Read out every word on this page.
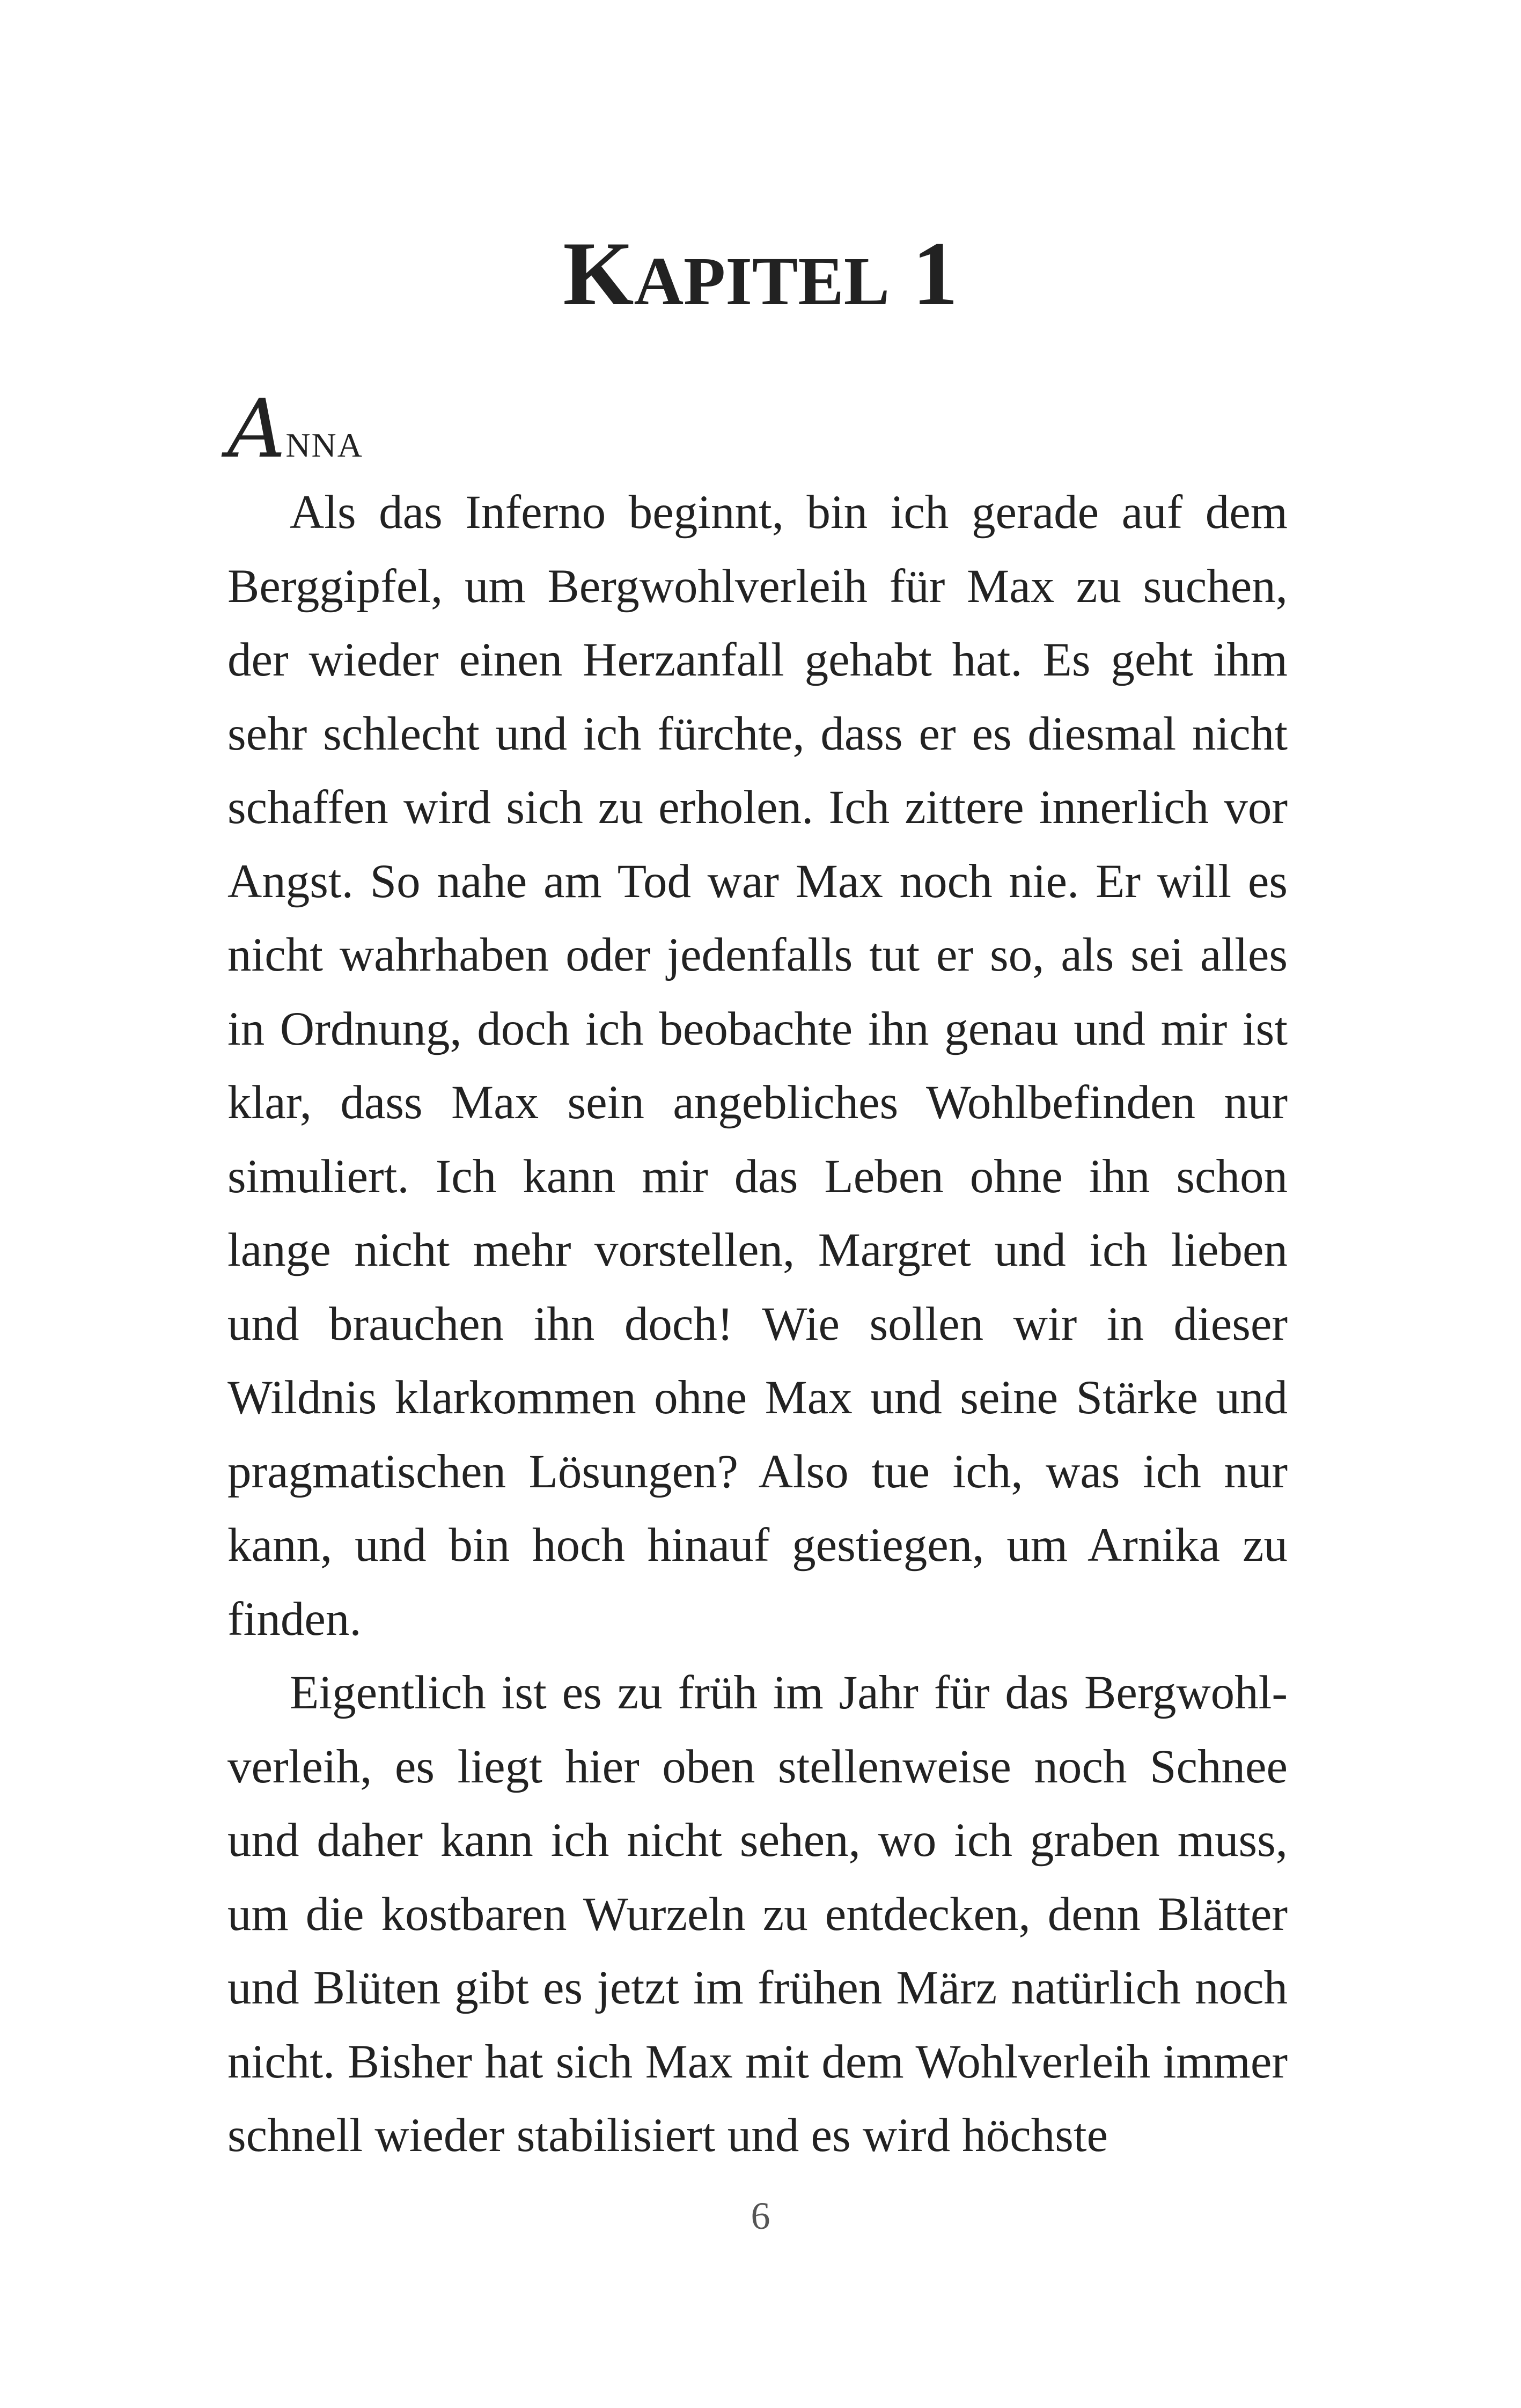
KAPITEL 1
ANNA

Als das Inferno beginnt, bin ich gerade auf dem Berggipfel, um Bergwohlverleih für Max zu suchen, der wieder einen Herzanfall gehabt hat. Es geht ihm sehr schlecht und ich fürchte, dass er es diesmal nicht schaffen wird sich zu erholen. Ich zittere innerlich vor Angst. So nahe am Tod war Max noch nie. Er will es nicht wahrhaben oder jedenfalls tut er so, als sei alles in Ordnung, doch ich beobachte ihn genau und mir ist klar, dass Max sein angebliches Wohlbefinden nur simuliert. Ich kann mir das Leben ohne ihn schon lange nicht mehr vorstellen, Margret und ich lieben und brauchen ihn doch! Wie sollen wir in dieser Wildnis klarkommen ohne Max und seine Stärke und pragmatischen Lösungen? Also tue ich, was ich nur kann, und bin hoch hinauf gestiegen, um Arnika zu finden.

Eigentlich ist es zu früh im Jahr für das Bergwohlverleih, es liegt hier oben stellenweise noch Schnee und daher kann ich nicht sehen, wo ich graben muss, um die kostbaren Wurzeln zu entdecken, denn Blätter und Blüten gibt es jetzt im frühen März natürlich noch nicht. Bisher hat sich Max mit dem Wohlverleih immer schnell wieder stabilisiert und es wird höchste

6
